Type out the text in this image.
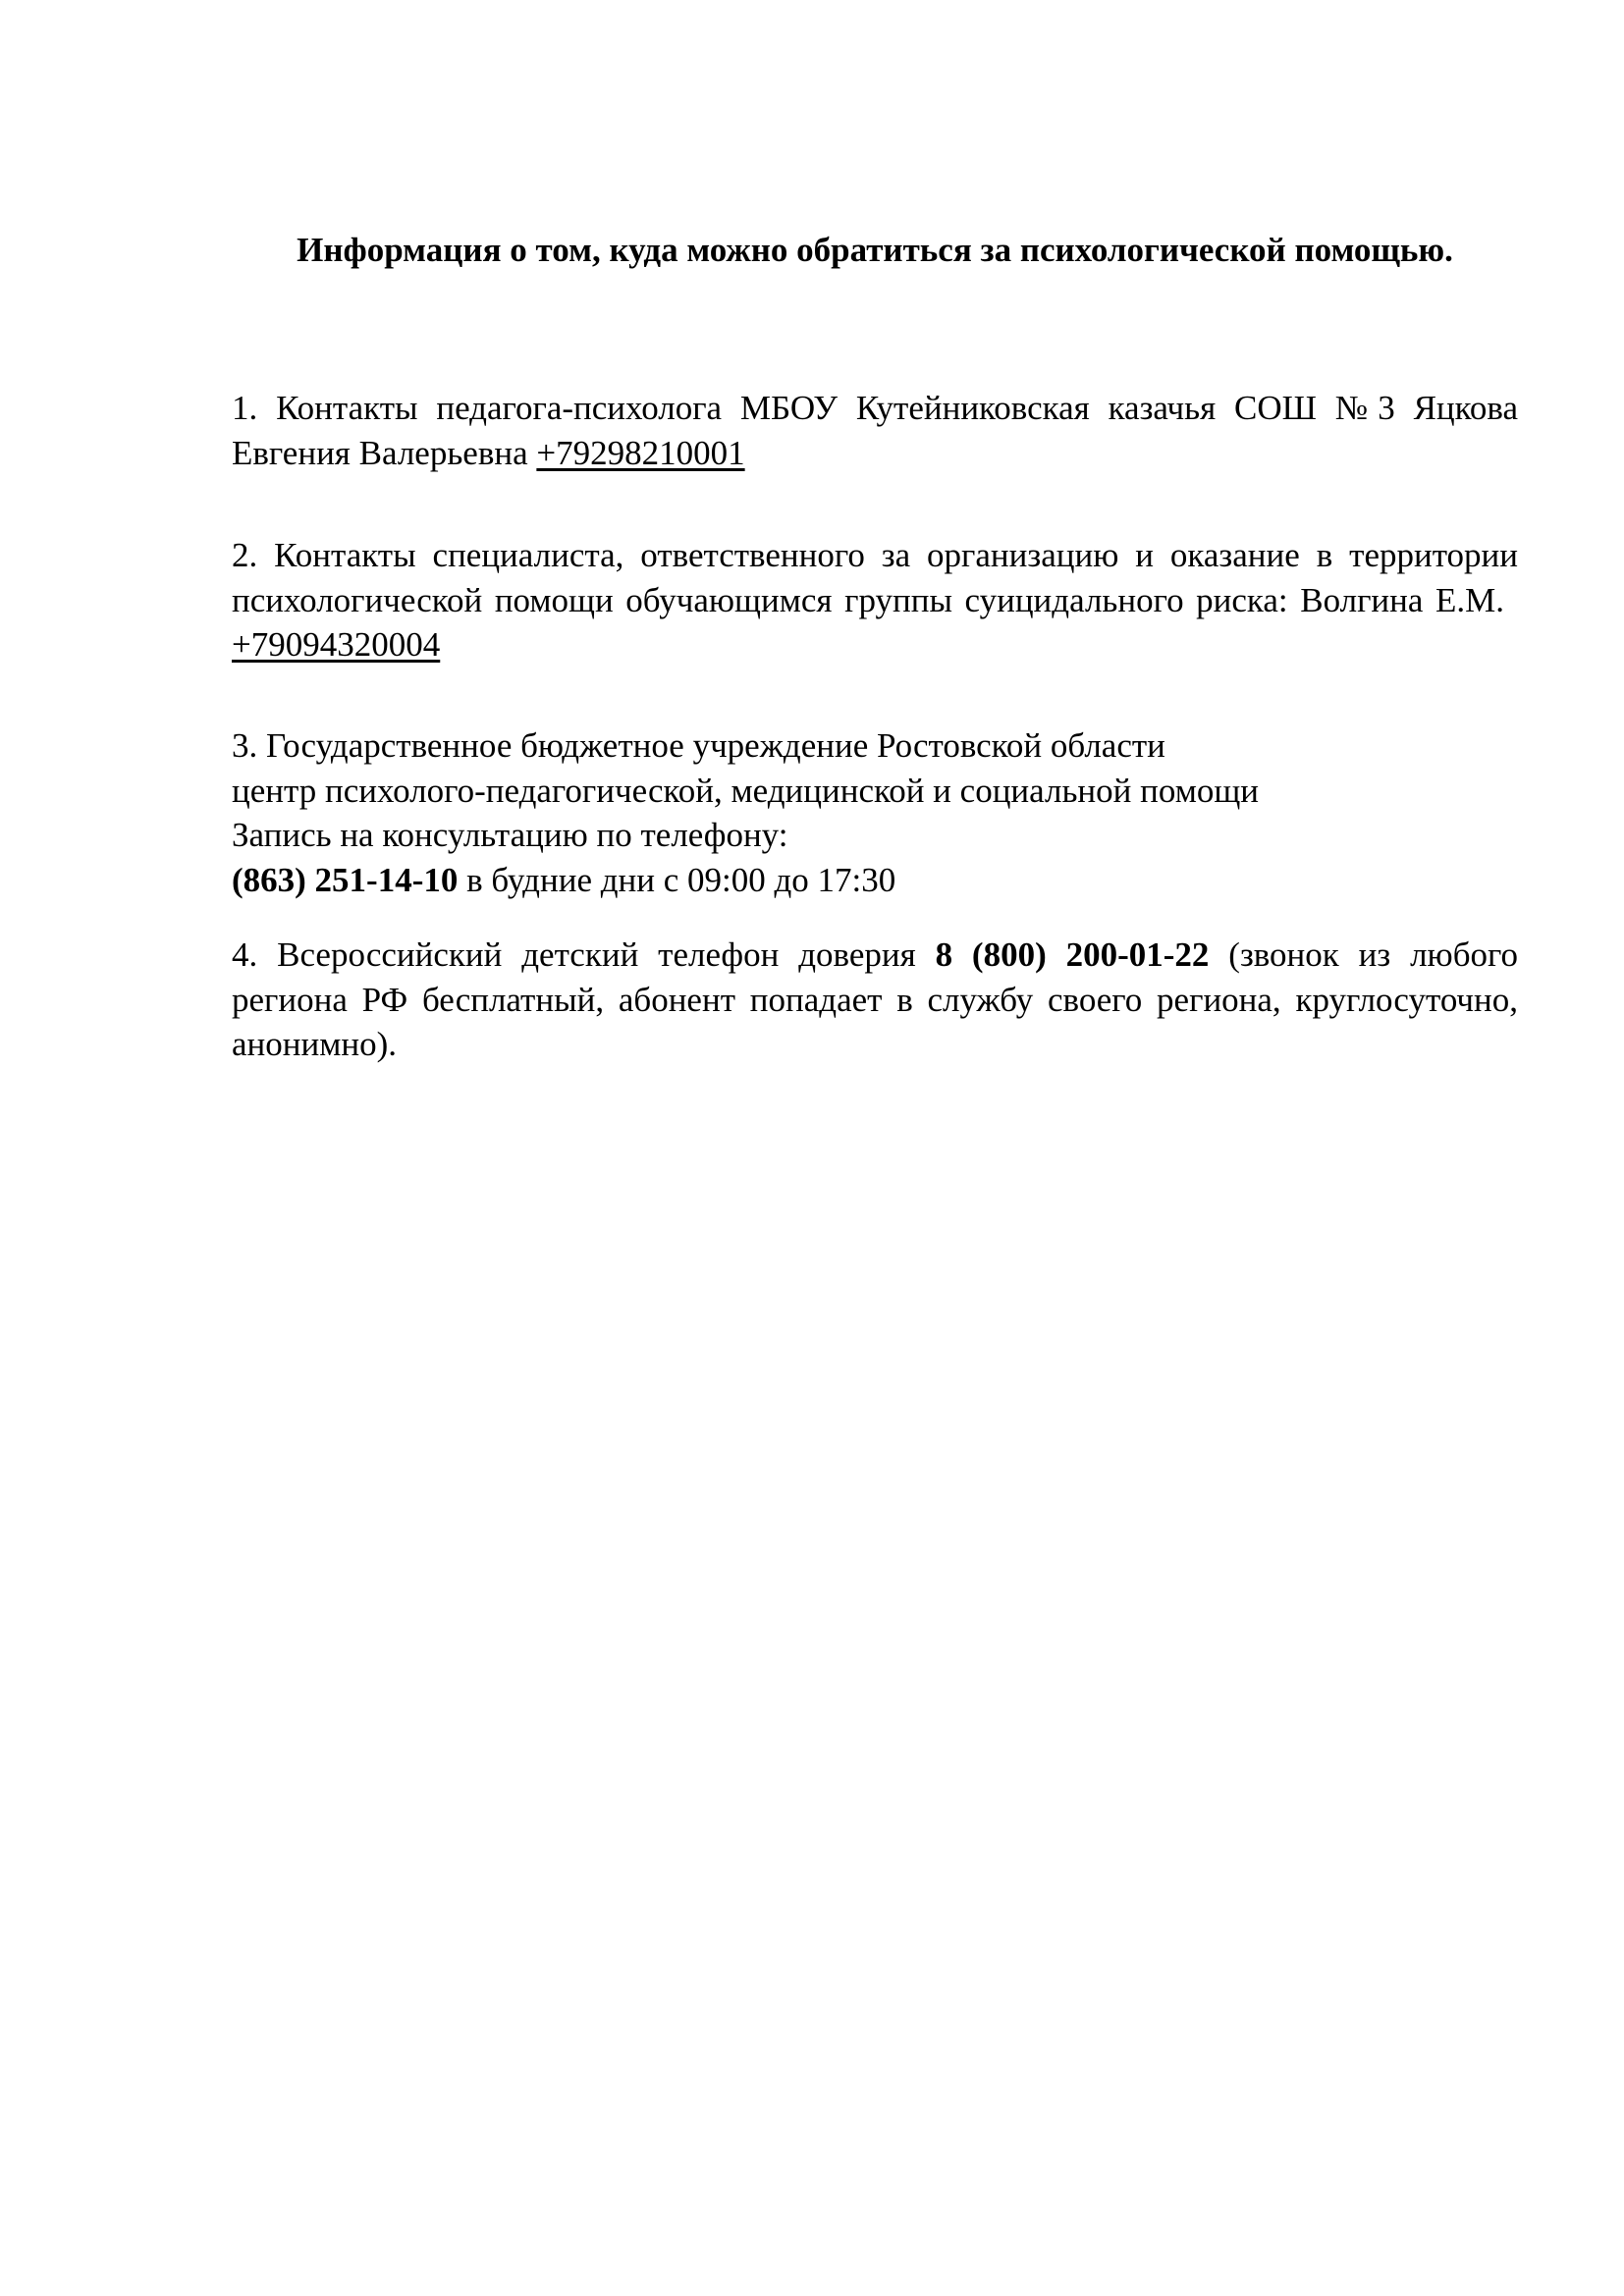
Информация о том, куда можно обратиться за психологической помощью.

1. Контакты педагога-психолога МБОУ Кутейниковская казачья СОШ №3 Яцкова Евгения Валерьевна +79298210001

2. Контакты специалиста, ответственного за организацию и оказание в территории психологической помощи обучающимся группы суицидального риска: Волгина Е.М.+79094320004

3. Государственное бюджетное учреждение Ростовской области
центр психолого-педагогической, медицинской и социальной помощи
Запись на консультацию по телефону:
(863) 251-14-10 в будние дни с 09:00 до 17:30

4. Всероссийский детский телефон доверия 8 (800) 200-01-22 (звонок из любого региона РФ бесплатный, абонент попадает в службу своего региона, круглосуточно, анонимно).
